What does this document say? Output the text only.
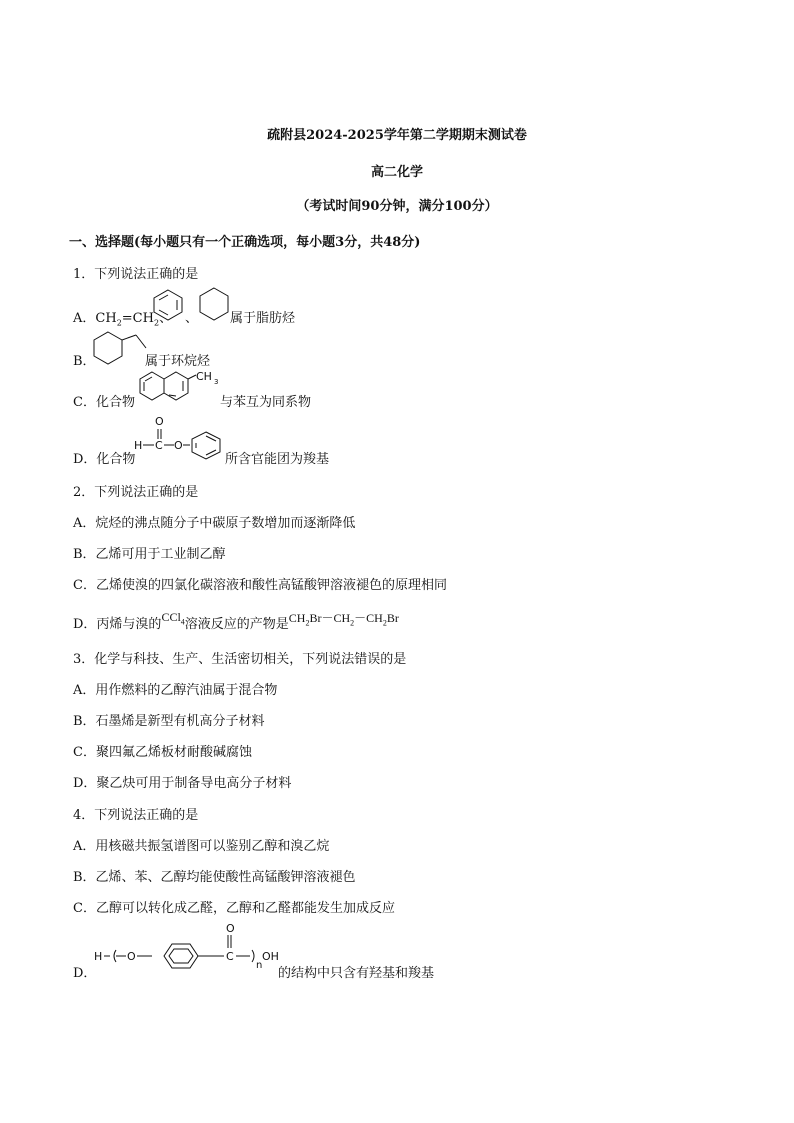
疏附县2024-2025学年第二学期期末测试卷
高二化学
（考试时间90分钟，满分100分）
一、选择题(每小题只有一个正确选项，每小题3分，共48分)
1．下列说法正确的是
A．$CH_2=CH_2$、 、 属于脂肪烃
B．	属于环烷烃
C．化合物
CH 3
与苯互为同系物
D．化合物
O
H C O
所含官能团为羧基
2．下列说法正确的是
A．烷烃的沸点随分子中碳原子数增加而逐渐降低
B．乙烯可用于工业制乙醇
C．乙烯使溴的四氯化碳溶液和酸性高锰酸钾溶液褪色的原理相同
D．丙烯与溴的CCl$_4$溶液反应的产物是$CH_2Br-CH_2-CH_2Br$
3．化学与科技、生产、生活密切相关，下列说法错误的是
A．用作燃料的乙醇汽油属于混合物
B．石墨烯是新型有机高分子材料
C．聚四氟乙烯板材耐酸碱腐蚀
D．聚乙炔可用于制备导电高分子材料
4．下列说法正确的是
A．用核磁共振氢谱图可以鉴别乙醇和溴乙烷
B．乙烯、苯、乙醇均能使酸性高锰酸钾溶液褪色
C．乙醇可以转化成乙醛，乙醇和乙醛都能发生加成反应
D．
H O
O
C
n
OH
的结构中只含有羟基和羧基
